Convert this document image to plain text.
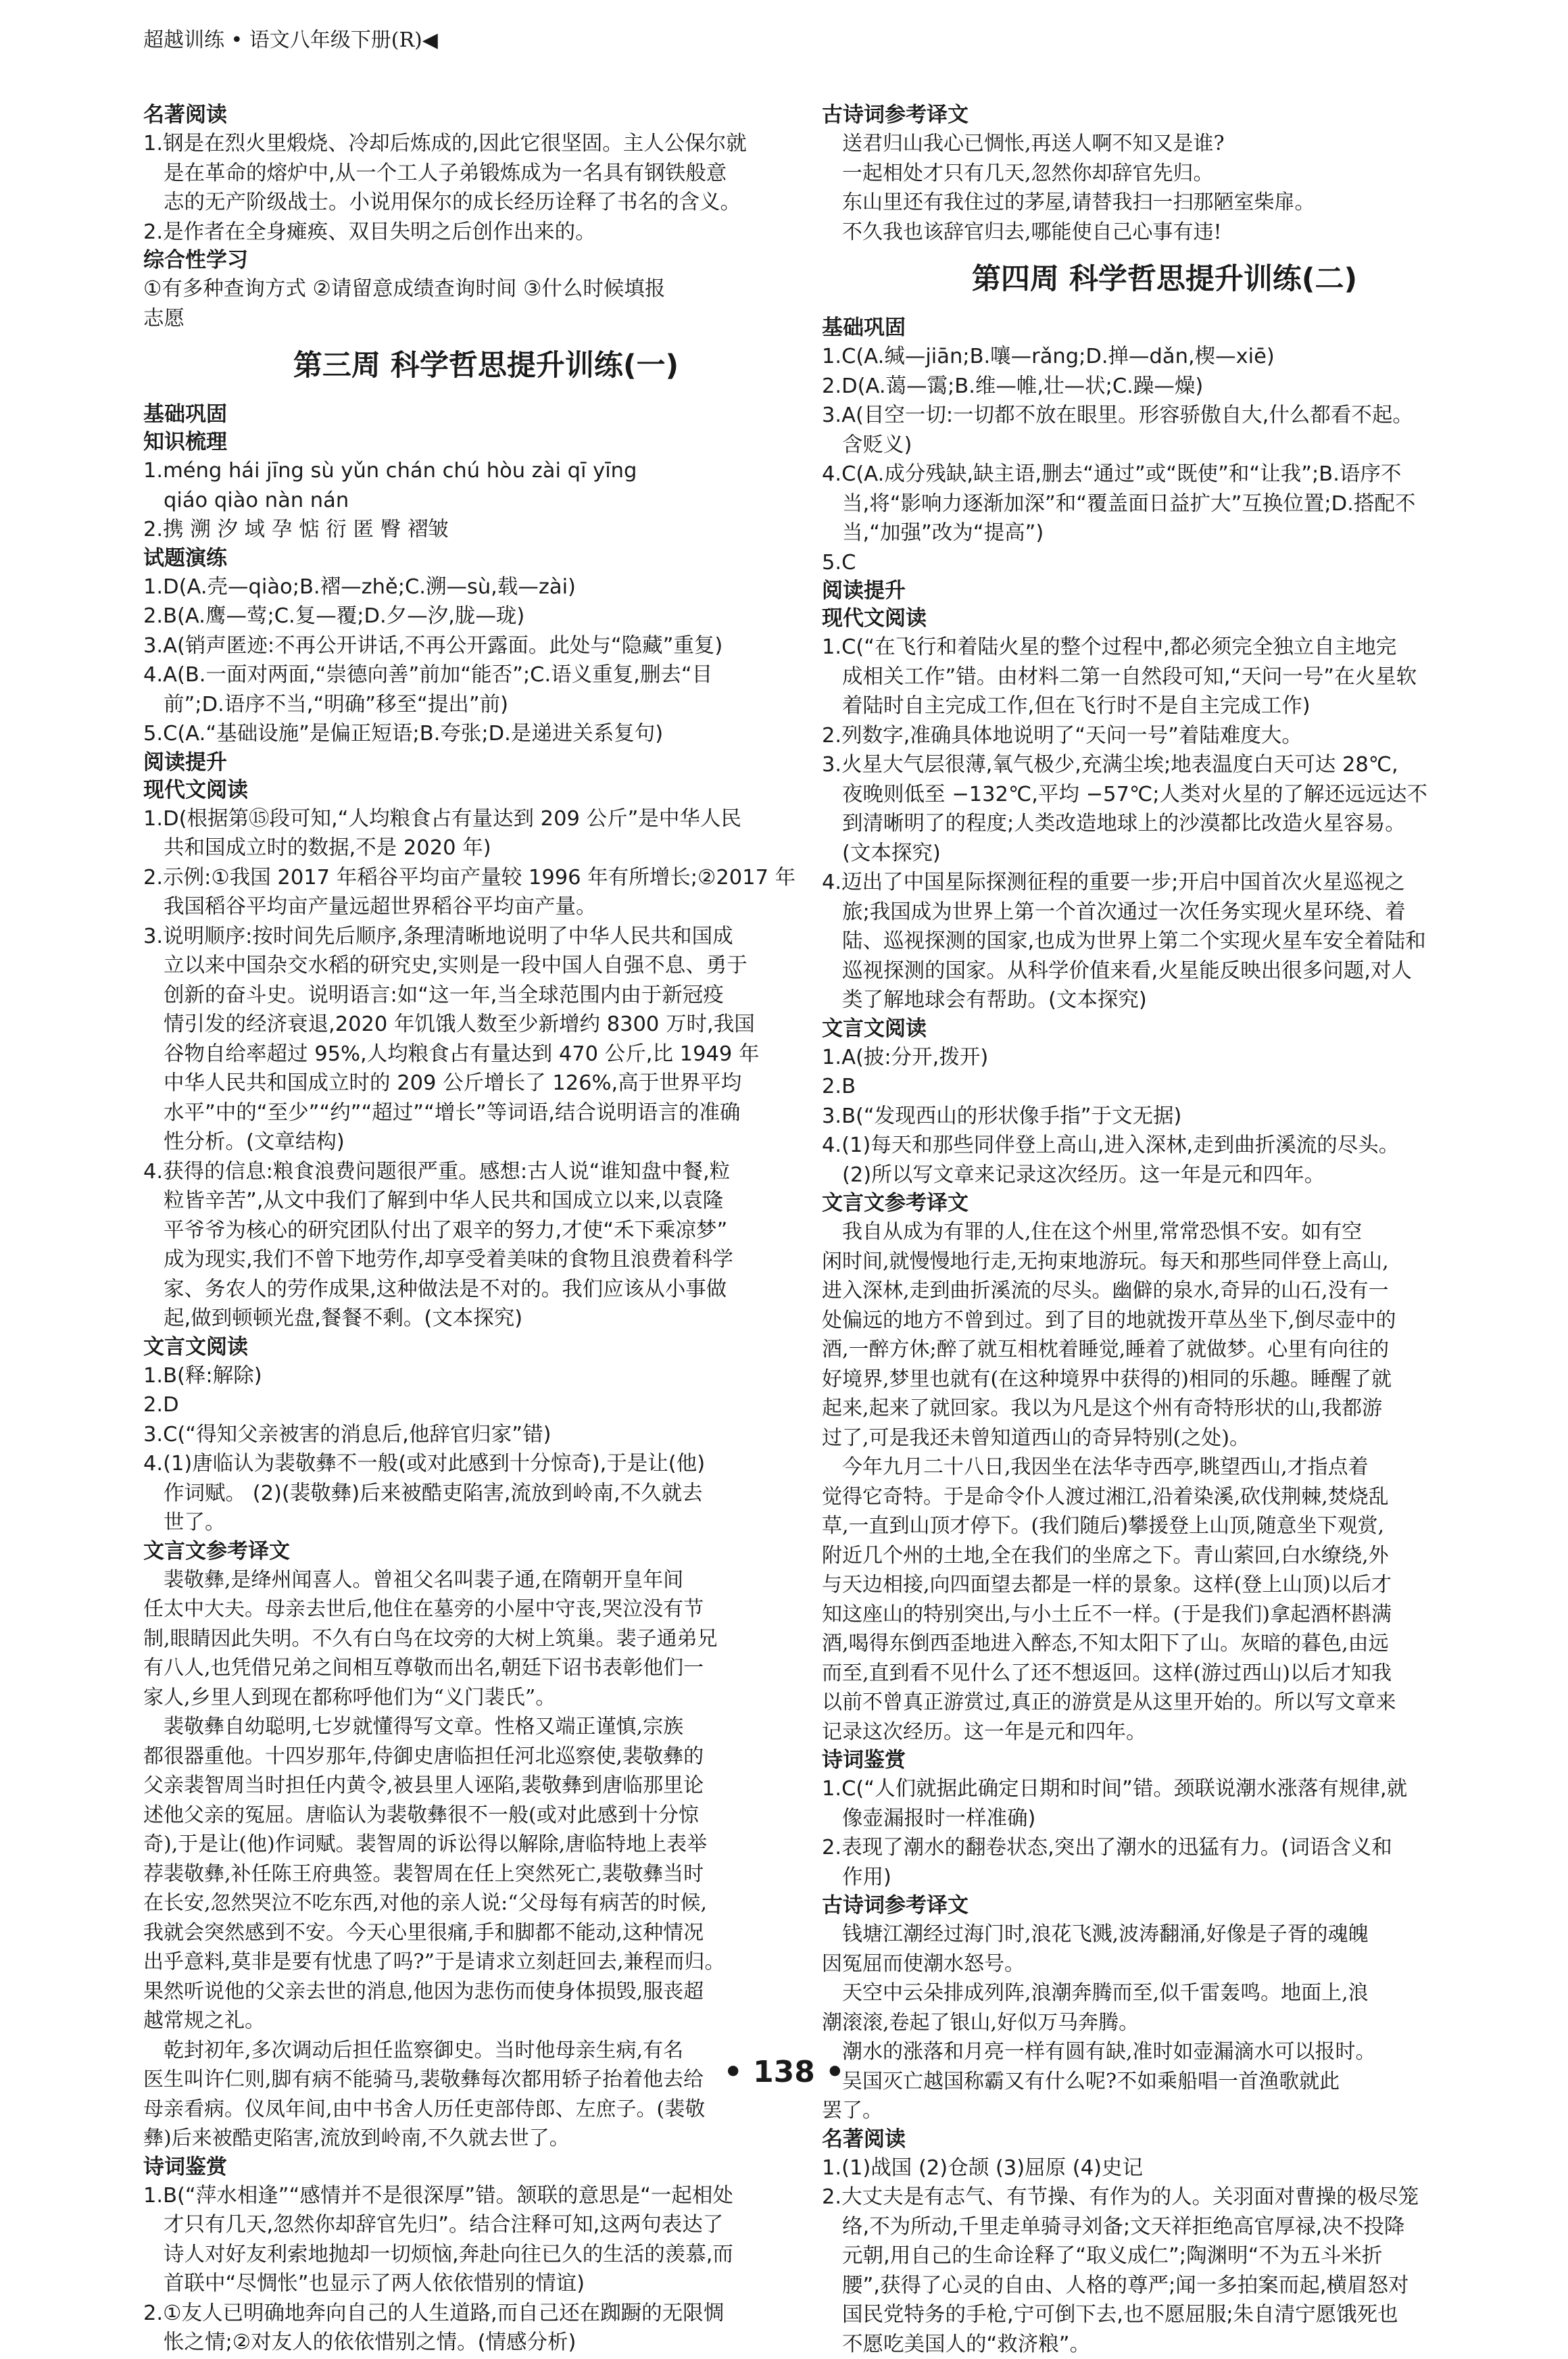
超越训练 • 语文八年级下册(R)◀
名著阅读
1.钢是在烈火里煅烧、冷却后炼成的,因此它很坚固。主人公保尔就
是在革命的熔炉中,从一个工人子弟锻炼成为一名具有钢铁般意
志的无产阶级战士。小说用保尔的成长经历诠释了书名的含义。
2.是作者在全身瘫痪、双目失明之后创作出来的。
综合性学习
①有多种查询方式 ②请留意成绩查询时间 ③什么时候填报
志愿
第三周 科学哲思提升训练(一)
基础巩固
知识梳理
1.méng hái jīng sù yǔn chán chú hòu zài qī yīng
qiáo qiào nàn nán
2.携 溯 汐 域 孕 惦 衍 匿 臀 褶皱
试题演练
1.D(A.壳—qiào;B.褶—zhě;C.溯—sù,载—zài)
2.B(A.鹰—莺;C.复—覆;D.夕—汐,胧—珑)
3.A(销声匿迹:不再公开讲话,不再公开露面。此处与“隐藏”重复)
4.A(B.一面对两面,“崇德向善”前加“能否”;C.语义重复,删去“目
前”;D.语序不当,“明确”移至“提出”前)
5.C(A.“基础设施”是偏正短语;B.夸张;D.是递进关系复句)
阅读提升
现代文阅读
1.D(根据第⑮段可知,“人均粮食占有量达到 209 公斤”是中华人民
共和国成立时的数据,不是 2020 年)
2.示例:①我国 2017 年稻谷平均亩产量较 1996 年有所增长;②2017 年
我国稻谷平均亩产量远超世界稻谷平均亩产量。
3.说明顺序:按时间先后顺序,条理清晰地说明了中华人民共和国成
立以来中国杂交水稻的研究史,实则是一段中国人自强不息、勇于
创新的奋斗史。说明语言:如“这一年,当全球范围内由于新冠疫
情引发的经济衰退,2020 年饥饿人数至少新增约 8300 万时,我国
谷物自给率超过 95%,人均粮食占有量达到 470 公斤,比 1949 年
中华人民共和国成立时的 209 公斤增长了 126%,高于世界平均
水平”中的“至少”“约”“超过”“增长”等词语,结合说明语言的准确
性分析。(文章结构)
4.获得的信息:粮食浪费问题很严重。感想:古人说“谁知盘中餐,粒
粒皆辛苦”,从文中我们了解到中华人民共和国成立以来,以袁隆
平爷爷为核心的研究团队付出了艰辛的努力,才使“禾下乘凉梦”
成为现实,我们不曾下地劳作,却享受着美味的食物且浪费着科学
家、务农人的劳作成果,这种做法是不对的。我们应该从小事做
起,做到顿顿光盘,餐餐不剩。(文本探究)
文言文阅读
1.B(释:解除)
2.D
3.C(“得知父亲被害的消息后,他辞官归家”错)
4.(1)唐临认为裴敬彝不一般(或对此感到十分惊奇),于是让(他)
作词赋。 (2)(裴敬彝)后来被酷吏陷害,流放到岭南,不久就去
世了。
文言文参考译文
裴敬彝,是绛州闻喜人。曾祖父名叫裴子通,在隋朝开皇年间
任太中大夫。母亲去世后,他住在墓旁的小屋中守丧,哭泣没有节
制,眼睛因此失明。不久有白鸟在坟旁的大树上筑巢。裴子通弟兄
有八人,也凭借兄弟之间相互尊敬而出名,朝廷下诏书表彰他们一
家人,乡里人到现在都称呼他们为“义门裴氏”。
裴敬彝自幼聪明,七岁就懂得写文章。性格又端正谨慎,宗族
都很器重他。十四岁那年,侍御史唐临担任河北巡察使,裴敬彝的
父亲裴智周当时担任内黄令,被县里人诬陷,裴敬彝到唐临那里论
述他父亲的冤屈。唐临认为裴敬彝很不一般(或对此感到十分惊
奇),于是让(他)作词赋。裴智周的诉讼得以解除,唐临特地上表举
荐裴敬彝,补任陈王府典签。裴智周在任上突然死亡,裴敬彝当时
在长安,忽然哭泣不吃东西,对他的亲人说:“父母每有病苦的时候,
我就会突然感到不安。今天心里很痛,手和脚都不能动,这种情况
出乎意料,莫非是要有忧患了吗?”于是请求立刻赶回去,兼程而归。
果然听说他的父亲去世的消息,他因为悲伤而使身体损毁,服丧超
越常规之礼。
乾封初年,多次调动后担任监察御史。当时他母亲生病,有名
医生叫许仁则,脚有病不能骑马,裴敬彝每次都用轿子抬着他去给
母亲看病。仪凤年间,由中书舍人历任吏部侍郎、左庶子。(裴敬
彝)后来被酷吏陷害,流放到岭南,不久就去世了。
诗词鉴赏
1.B(“萍水相逢”“感情并不是很深厚”错。颔联的意思是“一起相处
才只有几天,忽然你却辞官先归”。结合注释可知,这两句表达了
诗人对好友利索地抛却一切烦恼,奔赴向往已久的生活的羡慕,而
首联中“尽惆怅”也显示了两人依依惜别的情谊)
2.①友人已明确地奔向自己的人生道路,而自己还在踟蹰的无限惆
怅之情;②对友人的依依惜别之情。(情感分析)
古诗词参考译文
送君归山我心已惆怅,再送人啊不知又是谁?
一起相处才只有几天,忽然你却辞官先归。
东山里还有我住过的茅屋,请替我扫一扫那陋室柴扉。
不久我也该辞官归去,哪能使自己心事有违!
第四周 科学哲思提升训练(二)
基础巩固
1.C(A.缄—jiān;B.嚷—rǎng;D.掸—dǎn,楔—xiē)
2.D(A.蔼—霭;B.维—帷,壮—状;C.躁—燥)
3.A(目空一切:一切都不放在眼里。形容骄傲自大,什么都看不起。
含贬义)
4.C(A.成分残缺,缺主语,删去“通过”或“既使”和“让我”;B.语序不
当,将“影响力逐渐加深”和“覆盖面日益扩大”互换位置;D.搭配不
当,“加强”改为“提高”)
5.C
阅读提升
现代文阅读
1.C(“在飞行和着陆火星的整个过程中,都必须完全独立自主地完
成相关工作”错。由材料二第一自然段可知,“天问一号”在火星软
着陆时自主完成工作,但在飞行时不是自主完成工作)
2.列数字,准确具体地说明了“天问一号”着陆难度大。
3.火星大气层很薄,氧气极少,充满尘埃;地表温度白天可达 28℃,
夜晚则低至 −132℃,平均 −57℃;人类对火星的了解还远远达不
到清晰明了的程度;人类改造地球上的沙漠都比改造火星容易。
(文本探究)
4.迈出了中国星际探测征程的重要一步;开启中国首次火星巡视之
旅;我国成为世界上第一个首次通过一次任务实现火星环绕、着
陆、巡视探测的国家,也成为世界上第二个实现火星车安全着陆和
巡视探测的国家。从科学价值来看,火星能反映出很多问题,对人
类了解地球会有帮助。(文本探究)
文言文阅读
1.A(披:分开,拨开)
2.B
3.B(“发现西山的形状像手指”于文无据)
4.(1)每天和那些同伴登上高山,进入深林,走到曲折溪流的尽头。
(2)所以写文章来记录这次经历。这一年是元和四年。
文言文参考译文
我自从成为有罪的人,住在这个州里,常常恐惧不安。如有空
闲时间,就慢慢地行走,无拘束地游玩。每天和那些同伴登上高山,
进入深林,走到曲折溪流的尽头。幽僻的泉水,奇异的山石,没有一
处偏远的地方不曾到过。到了目的地就拨开草丛坐下,倒尽壶中的
酒,一醉方休;醉了就互相枕着睡觉,睡着了就做梦。心里有向往的
好境界,梦里也就有(在这种境界中获得的)相同的乐趣。睡醒了就
起来,起来了就回家。我以为凡是这个州有奇特形状的山,我都游
过了,可是我还未曾知道西山的奇异特别(之处)。
今年九月二十八日,我因坐在法华寺西亭,眺望西山,才指点着
觉得它奇特。于是命令仆人渡过湘江,沿着染溪,砍伐荆棘,焚烧乱
草,一直到山顶才停下。(我们随后)攀援登上山顶,随意坐下观赏,
附近几个州的土地,全在我们的坐席之下。青山萦回,白水缭绕,外
与天边相接,向四面望去都是一样的景象。这样(登上山顶)以后才
知这座山的特别突出,与小土丘不一样。(于是我们)拿起酒杯斟满
酒,喝得东倒西歪地进入醉态,不知太阳下了山。灰暗的暮色,由远
而至,直到看不见什么了还不想返回。这样(游过西山)以后才知我
以前不曾真正游赏过,真正的游赏是从这里开始的。所以写文章来
记录这次经历。这一年是元和四年。
诗词鉴赏
1.C(“人们就据此确定日期和时间”错。颈联说潮水涨落有规律,就
像壶漏报时一样准确)
2.表现了潮水的翻卷状态,突出了潮水的迅猛有力。(词语含义和
作用)
古诗词参考译文
钱塘江潮经过海门时,浪花飞溅,波涛翻涌,好像是子胥的魂魄
因冤屈而使潮水怒号。
天空中云朵排成列阵,浪潮奔腾而至,似千雷轰鸣。地面上,浪
潮滚滚,卷起了银山,好似万马奔腾。
潮水的涨落和月亮一样有圆有缺,准时如壶漏滴水可以报时。
吴国灭亡越国称霸又有什么呢?不如乘船唱一首渔歌就此
罢了。
名著阅读
1.(1)战国 (2)仓颉 (3)屈原 (4)史记
2.大丈夫是有志气、有节操、有作为的人。关羽面对曹操的极尽笼
络,不为所动,千里走单骑寻刘备;文天祥拒绝高官厚禄,决不投降
元朝,用自己的生命诠释了“取义成仁”;陶渊明“不为五斗米折
腰”,获得了心灵的自由、人格的尊严;闻一多拍案而起,横眉怒对
国民党特务的手枪,宁可倒下去,也不愿屈服;朱自清宁愿饿死也
不愿吃美国人的“救济粮”。
• 138 •
